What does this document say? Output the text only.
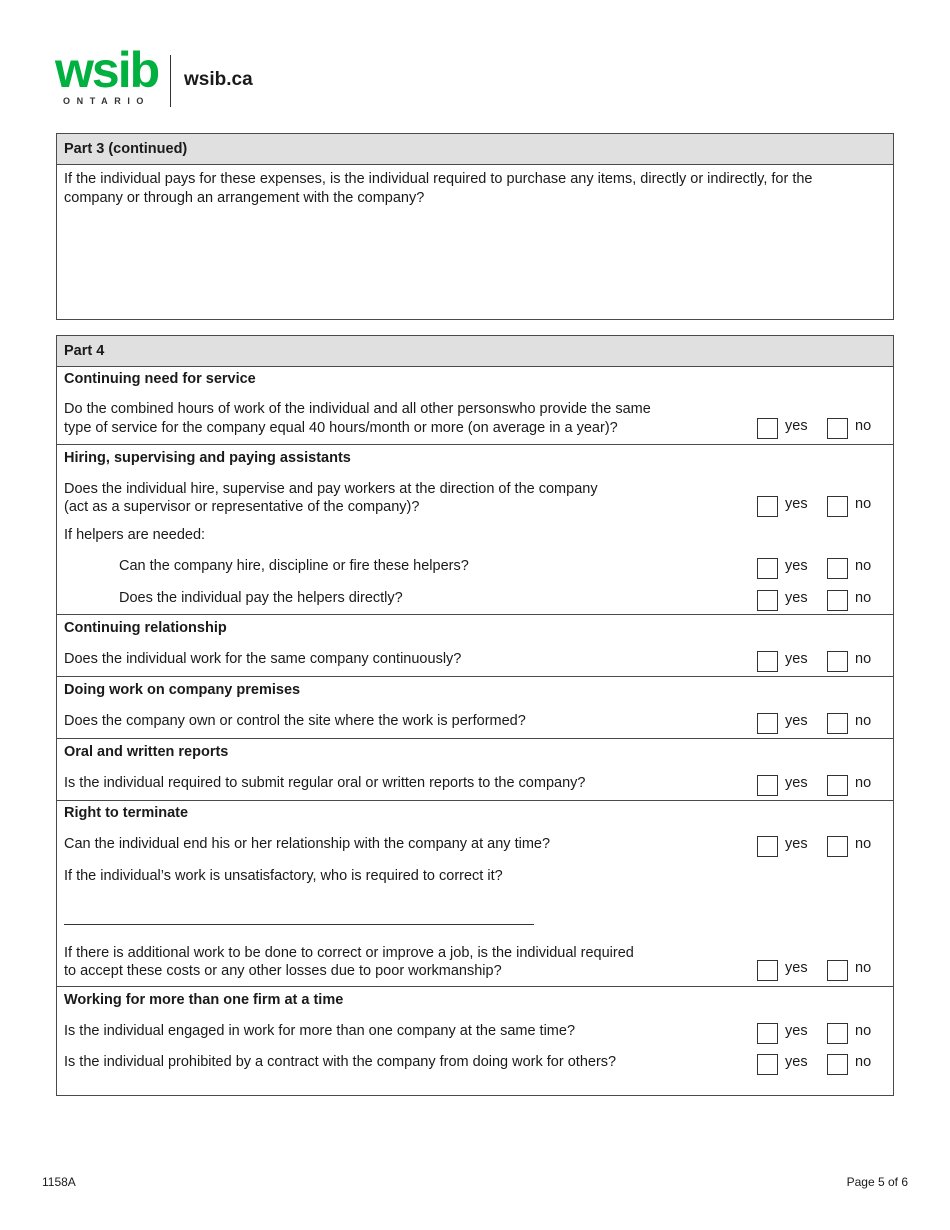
wsib
ONTARIO
wsib.ca
Part 3 (continued)
If the individual pays for these expenses, is the individual required to purchase any items, directly or indirectly, for the
company or through an arrangement with the company?
Part 4
Continuing need for service
Do the combined hours of work of the individual and all other personswho provide the same
type of service for the company equal 40 hours/month or more (on average in a year)?	yes	no
Hiring, supervising and paying assistants
Does the individual hire, supervise and pay workers at the direction of the company
(act as a supervisor or representative of the company)?	yes	no
If helpers are needed:
Can the company hire, discipline or fire these helpers?	yes	no
Does the individual pay the helpers directly?	yes	no
Continuing relationship
Does the individual work for the same company continuously?	yes	no
Doing work on company premises
Does the company own or control the site where the work is performed?	yes	no
Oral and written reports
Is the individual required to submit regular oral or written reports to the company?	yes	no
Right to terminate
Can the individual end his or her relationship with the company at any time?	yes	no
If the individual’s work is unsatisfactory, who is required to correct it?
If there is additional work to be done to correct or improve a job, is the individual required
to accept these costs or any other losses due to poor workmanship?	yes	no
Working for more than one firm at a time
Is the individual engaged in work for more than one company at the same time?	yes	no
Is the individual prohibited by a contract with the company from doing work for others?	yes	no
1158A	Page 5 of 6
